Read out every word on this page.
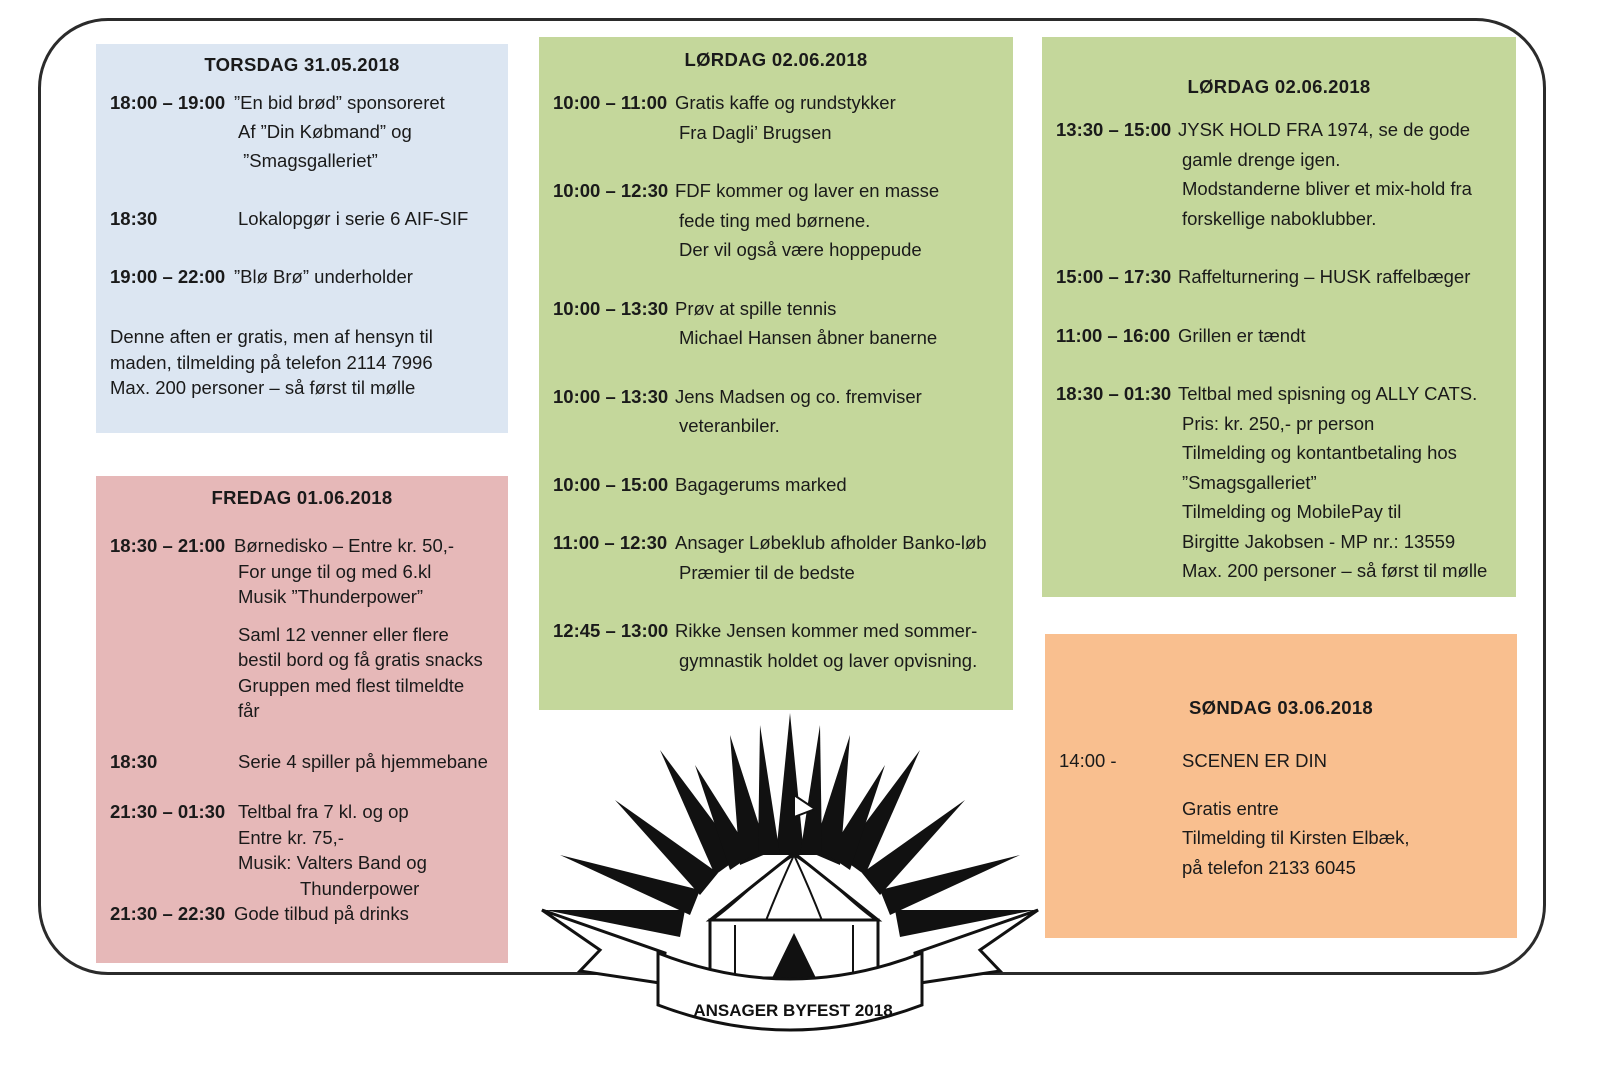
TORSDAG 31.05.2018
18:00 – 19:00 ”En bid brød” sponsoreret
Af ”Din Købmand” og
”Smagsgalleriet”
18:30	Lokalopgør i serie 6 AIF-SIF
19:00 – 22:00 ”Blø Brø” underholder
Denne aften er gratis, men af hensyn til
maden, tilmelding på telefon 2114 7996
Max. 200 personer – så først til mølle
FREDAG 01.06.2018
18:30 – 21:00 Børnedisko – Entre kr. 50,-
For unge til og med 6.kl
Musik ”Thunderpower”
Saml 12 venner eller flere
bestil bord og få gratis snacks
Gruppen med flest tilmeldte
får
18:30	Serie 4 spiller på hjemmebane
21:30 – 01:30 Teltbal fra 7 kl. og op
Entre kr. 75,-
Musik: Valters Band og
Thunderpower
21:30 – 22:30 Gode tilbud på drinks
LØRDAG 02.06.2018
10:00 – 11:00 Gratis kaffe og rundstykker
Fra Dagli’ Brugsen
10:00 – 12:30 FDF kommer og laver en masse
fede ting med børnene.
Der vil også være hoppepude
10:00 – 13:30 Prøv at spille tennis
Michael Hansen åbner banerne
10:00 – 13:30 Jens Madsen og co. fremviser
veteranbiler.
10:00 – 15:00 Bagagerums marked
11:00 – 12:30 Ansager Løbeklub afholder Banko-løb
Præmier til de bedste
12:45 – 13:00 Rikke Jensen kommer med sommer-
gymnastik holdet og laver opvisning.
LØRDAG 02.06.2018
13:30 – 15:00 JYSK HOLD FRA 1974, se de gode
gamle drenge igen.
Modstanderne bliver et mix-hold fra
forskellige naboklubber.
15:00 – 17:30 Raffelturnering – HUSK raffelbæger
11:00 – 16:00 Grillen er tændt
18:30 – 01:30 Teltbal med spisning og ALLY CATS.
Pris: kr. 250,- pr person
Tilmelding og kontantbetaling hos
”Smagsgalleriet”
Tilmelding og MobilePay til
Birgitte Jakobsen - MP nr.: 13559
Max. 200 personer – så først til mølle
SØNDAG 03.06.2018
14:00 -	SCENEN ER DIN
Gratis entre
Tilmelding til Kirsten Elbæk,
på telefon 2133 6045
ANSAGER BYFEST 2018
